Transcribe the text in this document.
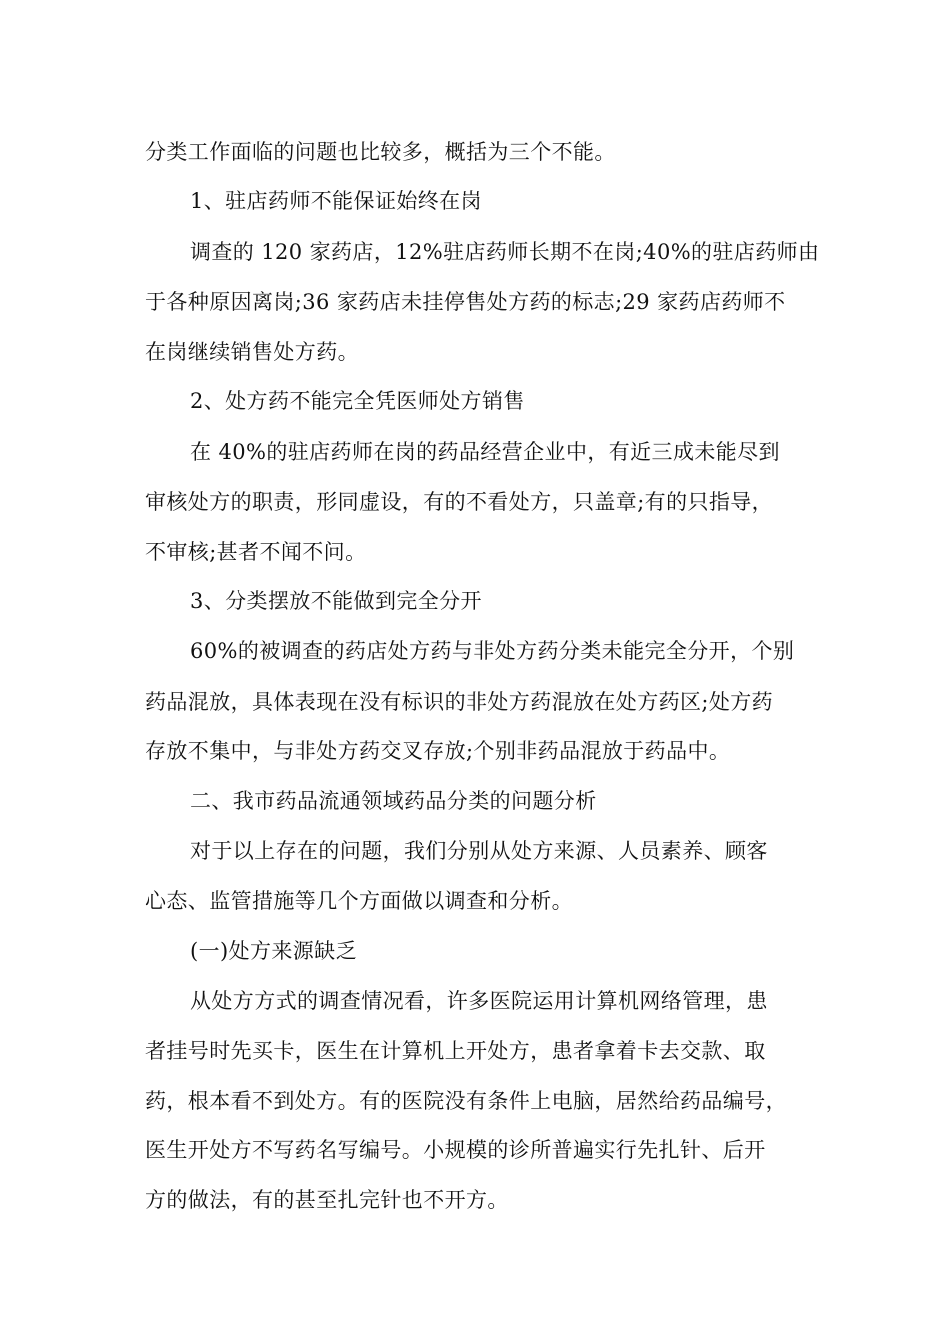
分类工作面临的问题也比较多，概括为三个不能。
1、驻店药师不能保证始终在岗
调查的 120 家药店，12%驻店药师长期不在岗;40%的驻店药师由
于各种原因离岗;36 家药店未挂停售处方药的标志;29 家药店药师不
在岗继续销售处方药。
2、处方药不能完全凭医师处方销售
在 40%的驻店药师在岗的药品经营企业中，有近三成未能尽到
审核处方的职责，形同虚设，有的不看处方，只盖章;有的只指导，
不审核;甚者不闻不问。
3、分类摆放不能做到完全分开
60%的被调查的药店处方药与非处方药分类未能完全分开，个别
药品混放，具体表现在没有标识的非处方药混放在处方药区;处方药
存放不集中，与非处方药交叉存放;个别非药品混放于药品中。
二、我市药品流通领域药品分类的问题分析
对于以上存在的问题，我们分别从处方来源、人员素养、顾客
心态、监管措施等几个方面做以调查和分析。
(一)处方来源缺乏
从处方方式的调查情况看，许多医院运用计算机网络管理，患
者挂号时先买卡，医生在计算机上开处方，患者拿着卡去交款、取
药，根本看不到处方。有的医院没有条件上电脑，居然给药品编号，
医生开处方不写药名写编号。小规模的诊所普遍实行先扎针、后开
方的做法，有的甚至扎完针也不开方。
